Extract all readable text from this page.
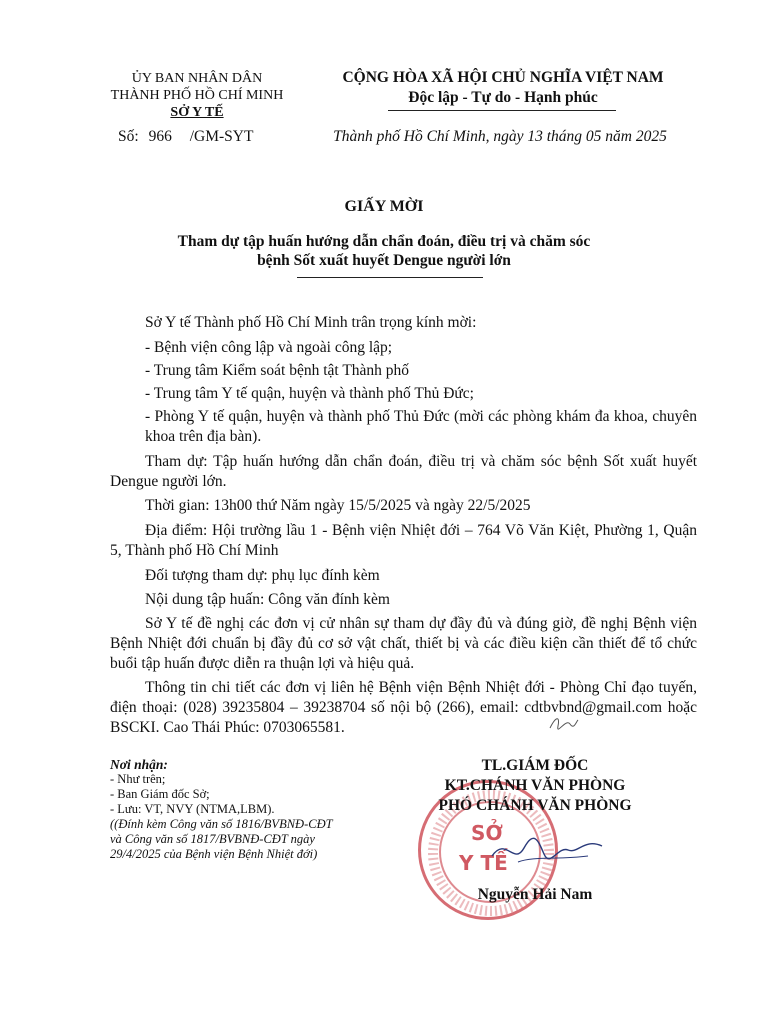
ỦY BAN NHÂN DÂN
THÀNH PHỐ HỒ CHÍ MINH
SỞ Y TẾ
Số: 966 /GM-SYT
CỘNG HÒA XÃ HỘI CHỦ NGHĨA VIỆT NAM
Độc lập - Tự do - Hạnh phúc
Thành phố Hồ Chí Minh, ngày 13 tháng 05 năm 2025
GIẤY MỜI
Tham dự tập huấn hướng dẫn chẩn đoán, điều trị và chăm sóc
bệnh Sốt xuất huyết Dengue người lớn
Sở Y tế Thành phố Hồ Chí Minh trân trọng kính mời:
- Bệnh viện công lập và ngoài công lập;
- Trung tâm Kiểm soát bệnh tật Thành phố
- Trung tâm Y tế quận, huyện và thành phố Thủ Đức;
- Phòng Y tế quận, huyện và thành phố Thủ Đức (mời các phòng khám đa khoa, chuyên khoa trên địa bàn).
Tham dự: Tập huấn hướng dẫn chẩn đoán, điều trị và chăm sóc bệnh Sốt xuất huyết Dengue người lớn.
Thời gian: 13h00 thứ Năm ngày 15/5/2025 và ngày 22/5/2025
Địa điểm: Hội trường lầu 1 - Bệnh viện Nhiệt đới – 764 Võ Văn Kiệt, Phường 1, Quận 5, Thành phố Hồ Chí Minh
Đối tượng tham dự: phụ lục đính kèm
Nội dung tập huấn: Công văn đính kèm
Sở Y tế đề nghị các đơn vị cử nhân sự tham dự đầy đủ và đúng giờ, đề nghị Bệnh viện Bệnh Nhiệt đới chuẩn bị đầy đủ cơ sở vật chất, thiết bị và các điều kiện cần thiết để tổ chức buổi tập huấn được diễn ra thuận lợi và hiệu quả.
Thông tin chi tiết các đơn vị liên hệ Bệnh viện Bệnh Nhiệt đới - Phòng Chỉ đạo tuyến, điện thoại: (028) 39235804 – 39238704 số nội bộ (266), email: cdtbvbnd@gmail.com hoặc BSCKI. Cao Thái Phúc: 0703065581.
Nơi nhận:
- Như trên;
- Ban Giám đốc Sở;
- Lưu: VT, NVY (NTMA,LBM).
((Đính kèm Công văn số 1816/BVBNĐ-CĐT và Công văn số 1817/BVBNĐ-CĐT ngày 29/4/2025 của Bệnh viện Bệnh Nhiệt đới)
SỞ
Y TẾ
TL.GIÁM ĐỐC
KT.CHÁNH VĂN PHÒNG
PHÓ CHÁNH VĂN PHÒNG
Nguyễn Hải Nam
